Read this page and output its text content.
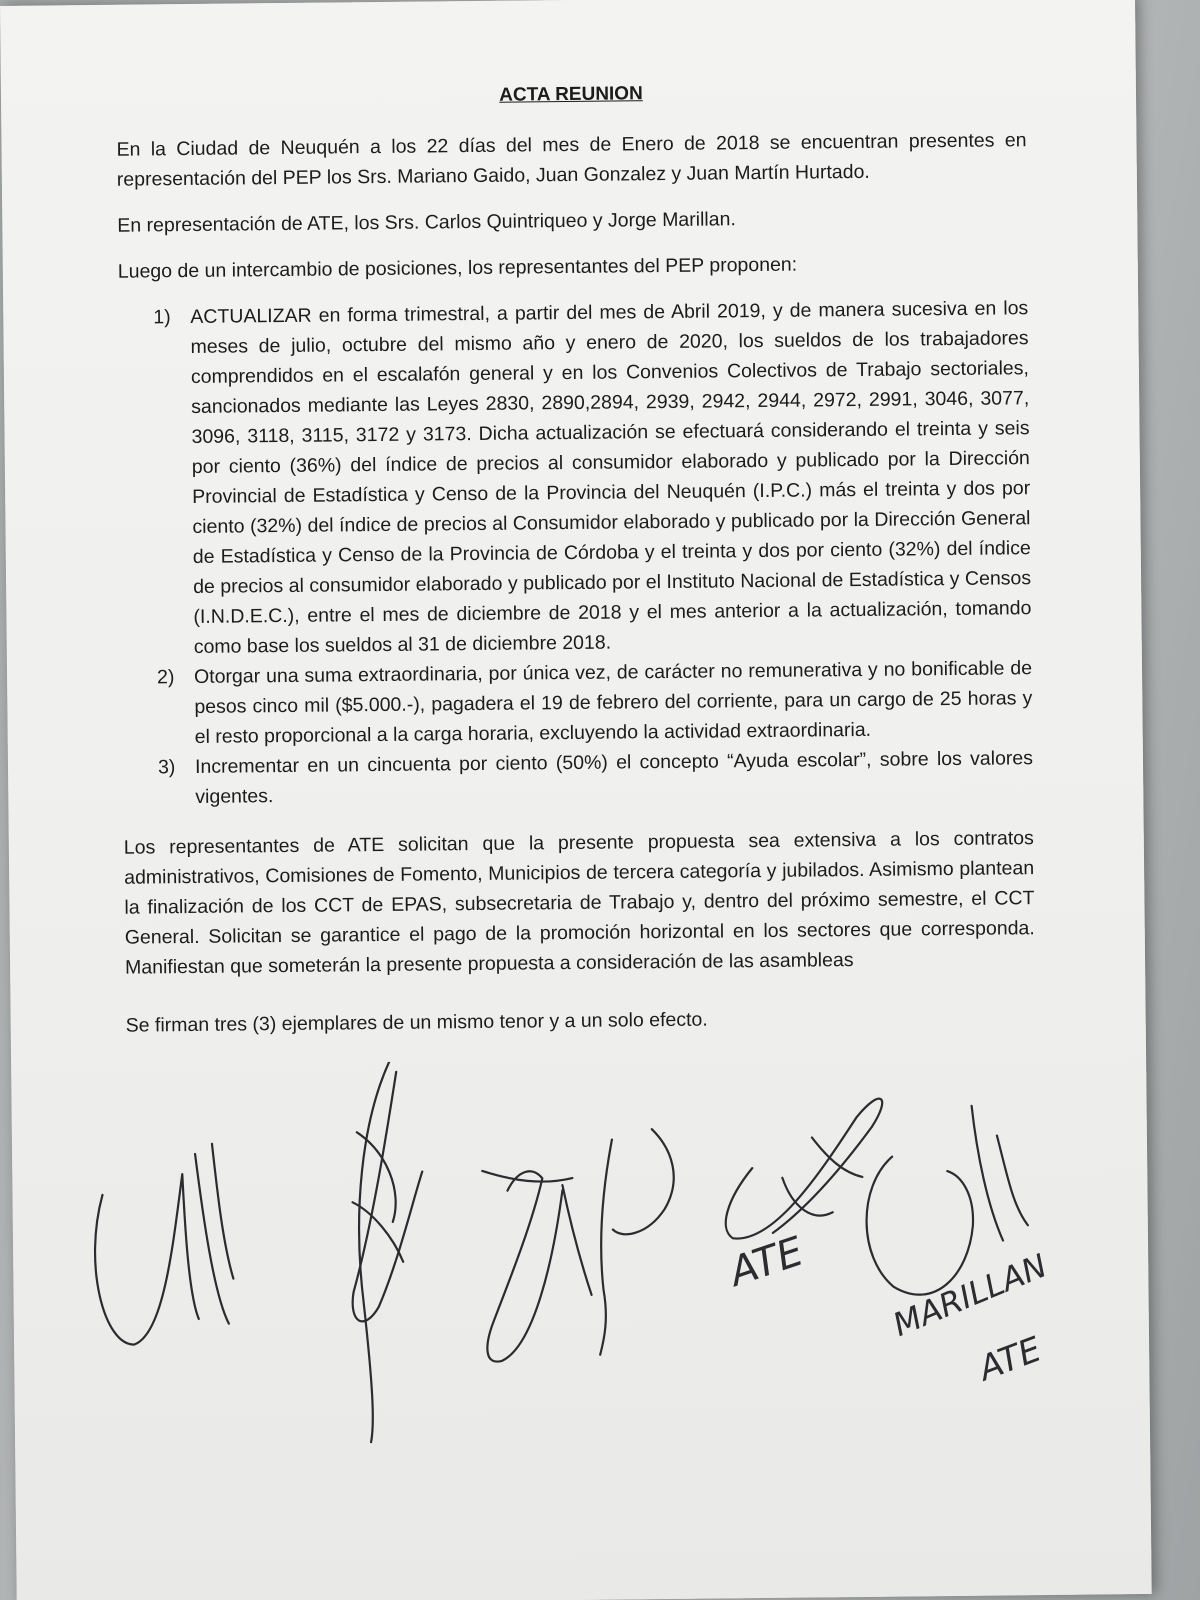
ACTA REUNION

En la Ciudad de Neuquén a los 22 días del mes de Enero de 2018 se encuentran presentes en representación del PEP los Srs. Mariano Gaido, Juan Gonzalez y Juan Martín Hurtado.

En representación de ATE, los Srs. Carlos Quintriqueo y Jorge Marillan.

Luego de un intercambio de posiciones, los representantes del PEP proponen:

1) ACTUALIZAR en forma trimestral, a partir del mes de Abril 2019, y de manera sucesiva en los meses de julio, octubre del mismo año y enero de 2020, los sueldos de los trabajadores comprendidos en el escalafón general y en los Convenios Colectivos de Trabajo sectoriales, sancionados mediante las Leyes 2830, 2890,2894, 2939, 2942, 2944, 2972, 2991, 3046, 3077, 3096, 3118, 3115, 3172 y 3173. Dicha actualización se efectuará considerando el treinta y seis por ciento (36%) del índice de precios al consumidor elaborado y publicado por la Dirección Provincial de Estadística y Censo de la Provincia del Neuquén (I.P.C.) más el treinta y dos por ciento (32%) del índice de precios al Consumidor elaborado y publicado por la Dirección General de Estadística y Censo de la Provincia de Córdoba y el treinta y dos por ciento (32%) del índice de precios al consumidor elaborado y publicado por el Instituto Nacional de Estadística y Censos (I.N.D.E.C.), entre el mes de diciembre de 2018 y el mes anterior a la actualización, tomando como base los sueldos al 31 de diciembre 2018.
2) Otorgar una suma extraordinaria, por única vez, de carácter no remunerativa y no bonificable de pesos cinco mil ($5.000.-), pagadera el 19 de febrero del corriente, para un cargo de 25 horas y el resto proporcional a la carga horaria, excluyendo la actividad extraordinaria.
3) Incrementar en un cincuenta por ciento (50%) el concepto “Ayuda escolar”, sobre los valores vigentes.

Los representantes de ATE solicitan que la presente propuesta sea extensiva a los contratos administrativos, Comisiones de Fomento, Municipios de tercera categoría y jubilados. Asimismo plantean la finalización de los CCT de EPAS, subsecretaria de Trabajo y, dentro del próximo semestre, el CCT General. Solicitan se garantice el pago de la promoción horizontal en los sectores que corresponda. Manifiestan que someterán la presente propuesta a consideración de las asambleas

Se firman tres (3) ejemplares de un mismo tenor y a un solo efecto.

ATE MARILLAN
ATE
